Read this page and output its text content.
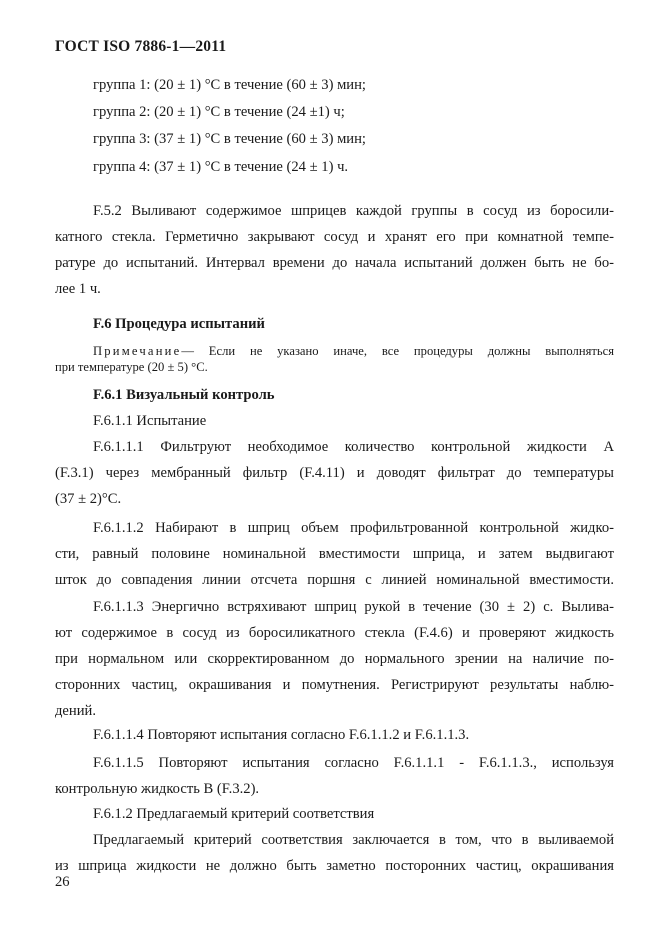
ГОСТ ISO 7886-1—2011
группа 1: (20 ± 1) °С в течение (60 ± 3) мин;
группа 2: (20 ± 1) °С в течение (24 ±1) ч;
группа 3: (37 ± 1) °С в течение (60 ± 3) мин;
группа 4: (37 ± 1) °С в течение (24 ± 1) ч.
F.5.2 Выливают содержимое шприцев каждой группы в сосуд из боросили-
катного стекла. Герметично закрывают сосуд и хранят его при комнатной темпе-
ратуре до испытаний. Интервал времени до начала испытаний должен быть не бо-
лее 1 ч.
F.6 Процедура испытаний
Примечание— Если не указано иначе, все процедуры должны выполняться
при температуре (20 ± 5) °С.
F.6.1 Визуальный контроль
F.6.1.1 Испытание
F.6.1.1.1 Фильтруют необходимое количество контрольной жидкости А
(F.3.1) через мембранный фильтр (F.4.11) и доводят фильтрат до температуры
(37 ± 2)°С.
F.6.1.1.2 Набирают в шприц объем профильтрованной контрольной жидко-
сти, равный половине номинальной вместимости шприца, и затем выдвигают
шток до совпадения линии отсчета поршня с линией номинальной вместимости.
F.6.1.1.3 Энергично встряхивают шприц рукой в течение (30 ± 2) с. Вылива-
ют содержимое в сосуд из боросиликатного стекла (F.4.6) и проверяют жидкость
при нормальном или скорректированном до нормального зрении на наличие по-
сторонних частиц, окрашивания и помутнения. Регистрируют результаты наблю-
дений.
F.6.1.1.4 Повторяют испытания согласно F.6.1.1.2 и F.6.1.1.3.
F.6.1.1.5 Повторяют испытания согласно F.6.1.1.1 - F.6.1.1.3., используя
контрольную жидкость В (F.3.2).
F.6.1.2 Предлагаемый критерий соответствия
Предлагаемый критерий соответствия заключается в том, что в выливаемой
из шприца жидкости не должно быть заметно посторонних частиц, окрашивания
26
